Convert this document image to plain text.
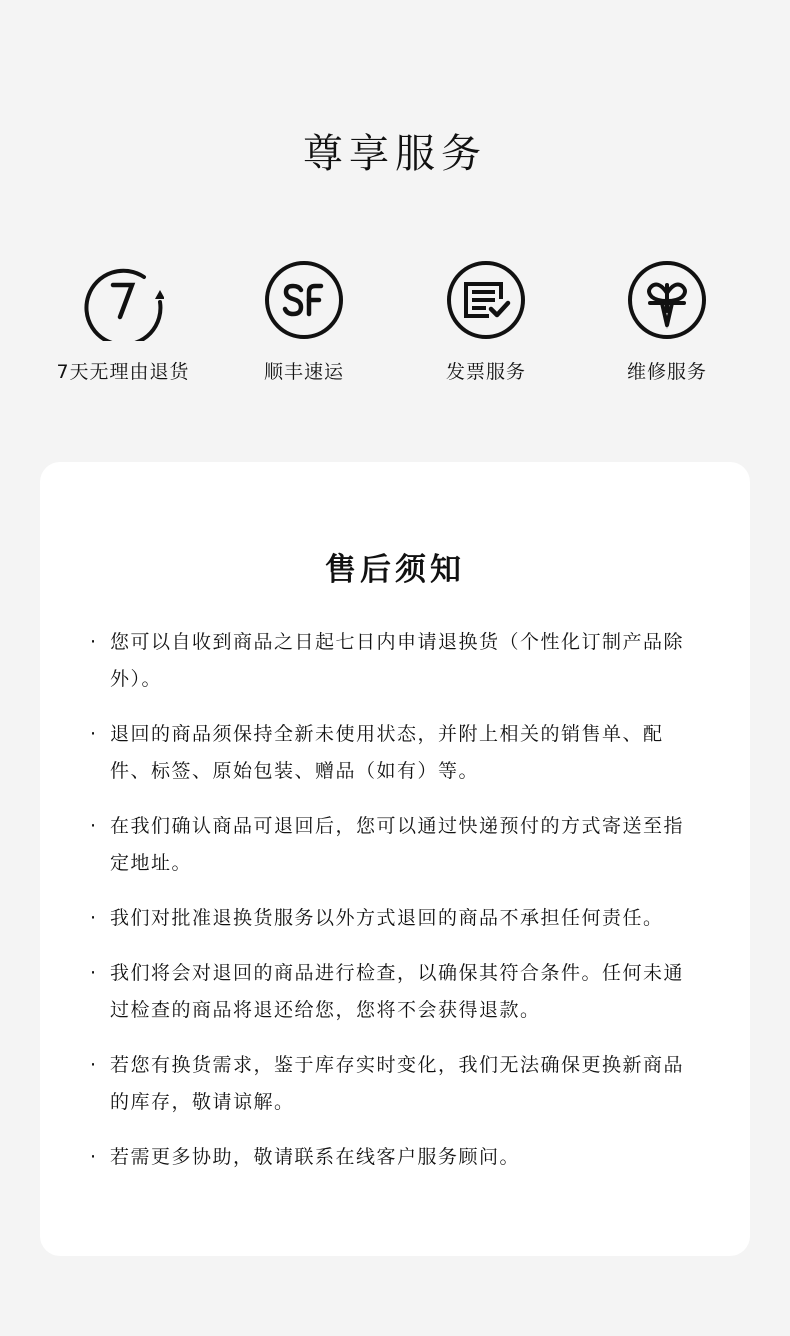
尊享服务
7天无理由退货	顺丰速运	发票服务	维修服务
售后须知
· 您可以自收到商品之日起七日内申请退换货（个性化订制产品除外）。
· 退回的商品须保持全新未使用状态，并附上相关的销售单、配件、标签、原始包装、赠品（如有）等。
· 在我们确认商品可退回后，您可以通过快递预付的方式寄送至指定地址。
· 我们对批准退换货服务以外方式退回的商品不承担任何责任。
· 我们将会对退回的商品进行检查，以确保其符合条件。任何未通过检查的商品将退还给您，您将不会获得退款。
· 若您有换货需求，鉴于库存实时变化，我们无法确保更换新商品的库存，敬请谅解。
· 若需更多协助，敬请联系在线客户服务顾问。
